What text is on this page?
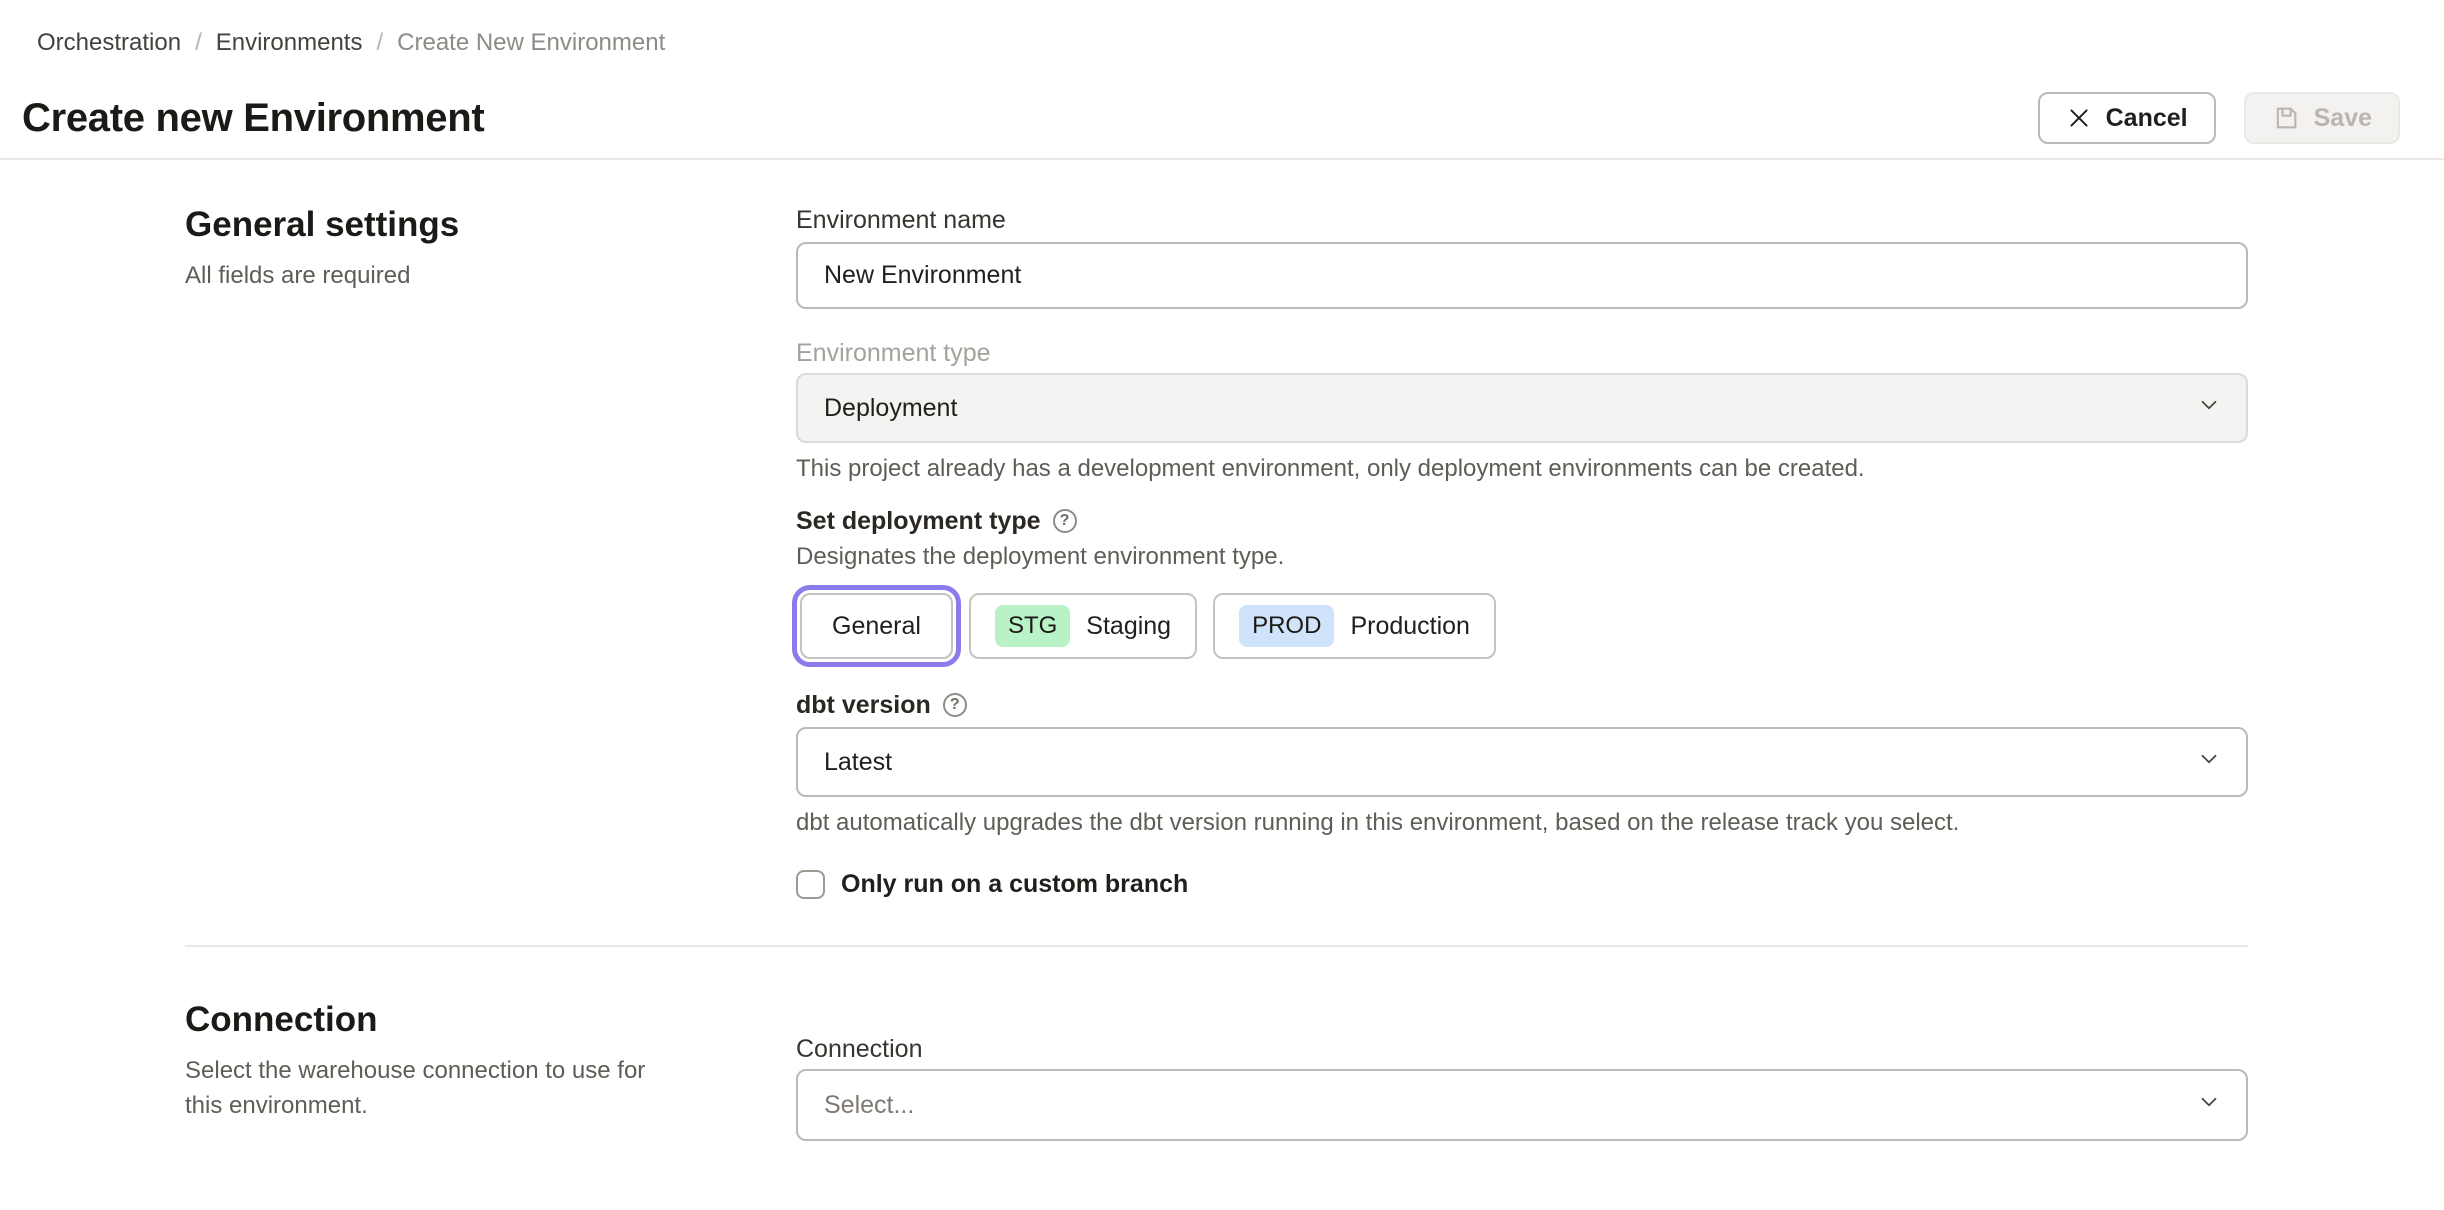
Orchestration / Environments / Create New Environment
Create new Environment	Cancel	Save
General settings
All fields are required
Environment name
New Environment
Environment type
Deployment
This project already has a development environment, only deployment environments can be created.
Set deployment type	?
Designates the deployment environment type.
General	STG	Staging	PROD	Production
dbt version	?
Latest
dbt automatically upgrades the dbt version running in this environment, based on the release track you select.
Only run on a custom branch
Connection
Select the warehouse connection to use for this environment.
Connection
Select...
